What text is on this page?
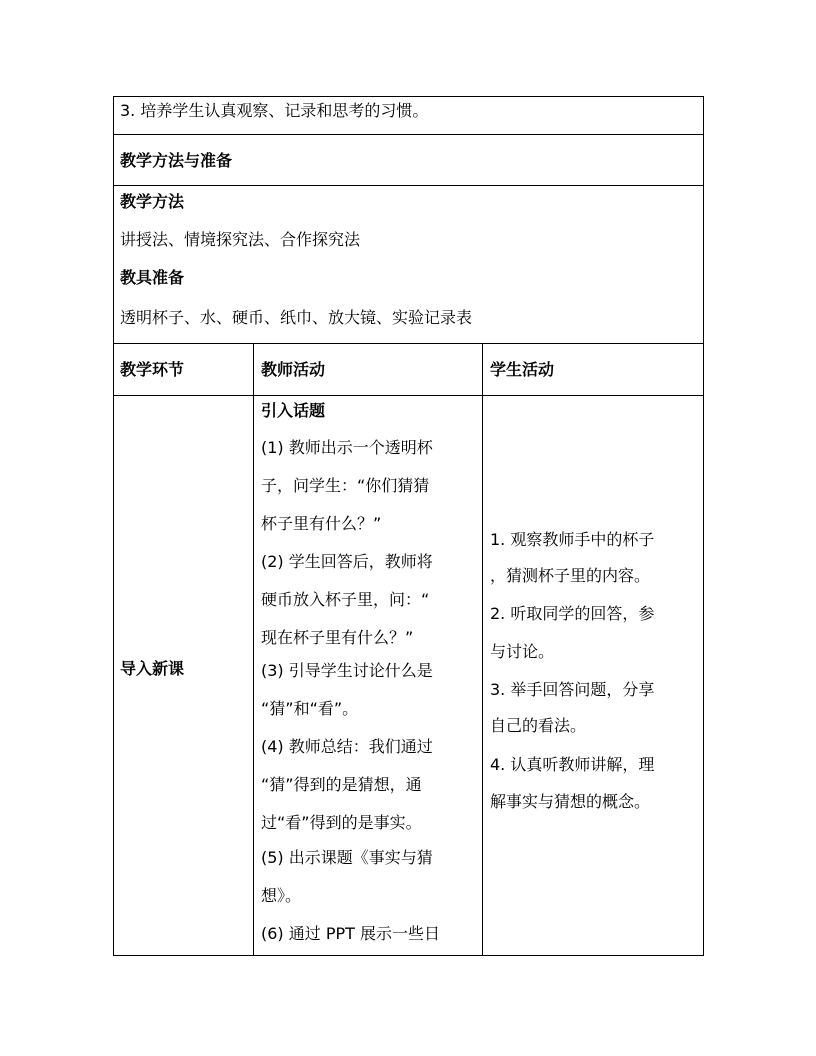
3. 培养学生认真观察、记录和思考的习惯。
教学方法与准备
教学方法
讲授法、情境探究法、合作探究法
教具准备
透明杯子、水、硬币、纸巾、放大镜、实验记录表
教学环节	教师活动	学生活动
导入新课
引入话题
(1) 教师出示一个透明杯
子，问学生：“你们猜猜
杯子里有什么？”
(2) 学生回答后，教师将
硬币放入杯子里，问：“
现在杯子里有什么？”
(3) 引导学生讨论什么是
“猜”和“看”。
(4) 教师总结：我们通过
“猜”得到的是猜想，通
过“看”得到的是事实。
(5) 出示课题《事实与猜
想》。
(6) 通过 PPT 展示一些日
1. 观察教师手中的杯子
，猜测杯子里的内容。
2. 听取同学的回答，参
与讨论。
3. 举手回答问题，分享
自己的看法。
4. 认真听教师讲解，理
解事实与猜想的概念。
